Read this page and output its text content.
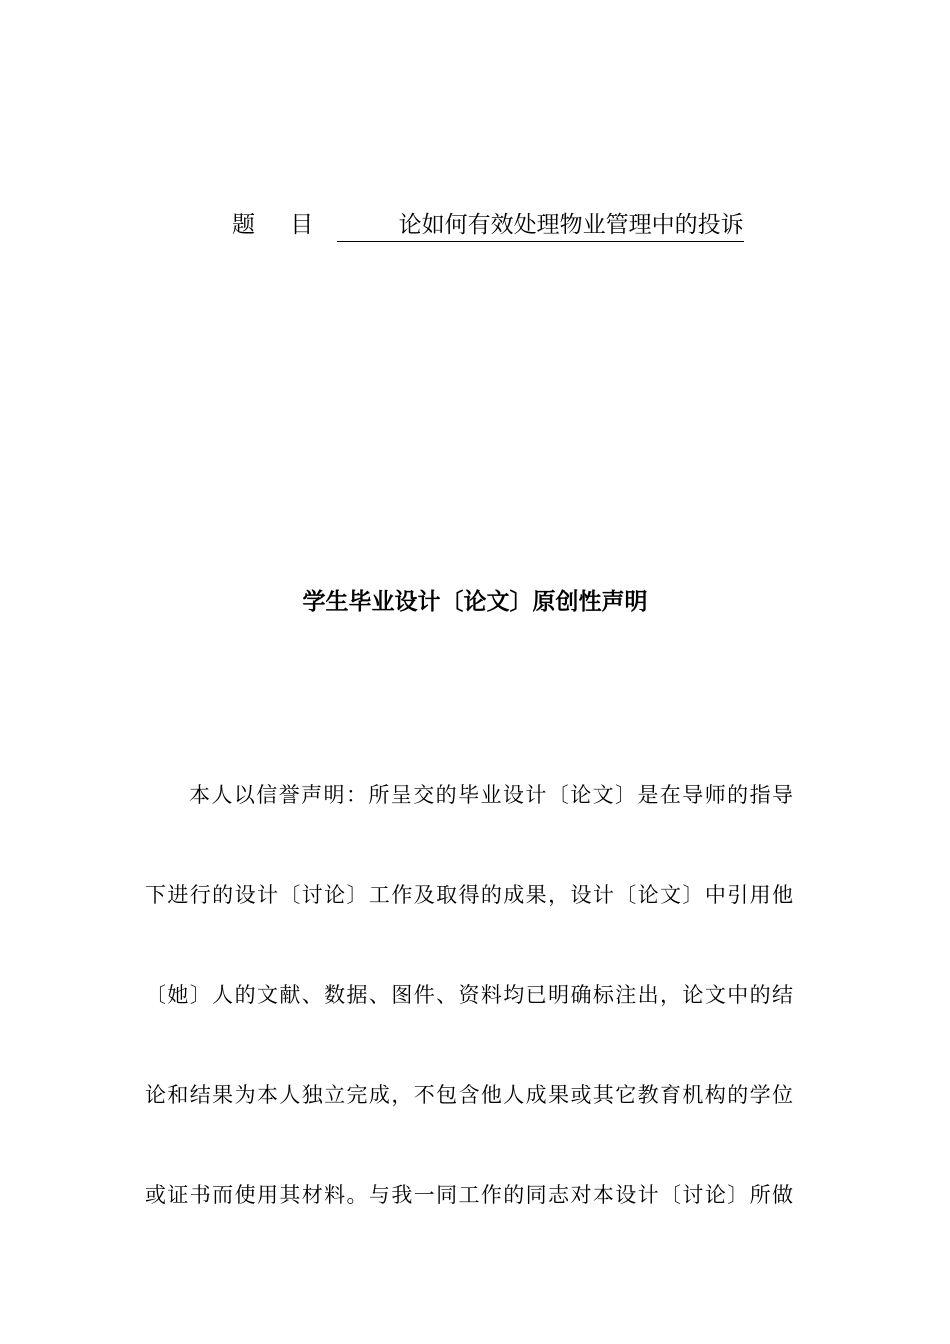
题 目	论如何有效处理物业管理中的投诉
学生毕业设计〔论文〕原创性声明
本人以信誉声明：所呈交的毕业设计〔论文〕是在导师的指导
下进行的设计〔讨论〕工作及取得的成果，设计〔论文〕中引用他
〔她〕人的文献、数据、图件、资料均已明确标注出，论文中的结
论和结果为本人独立完成，不包含他人成果或其它教育机构的学位
或证书而使用其材料。与我一同工作的同志对本设计〔讨论〕所做
